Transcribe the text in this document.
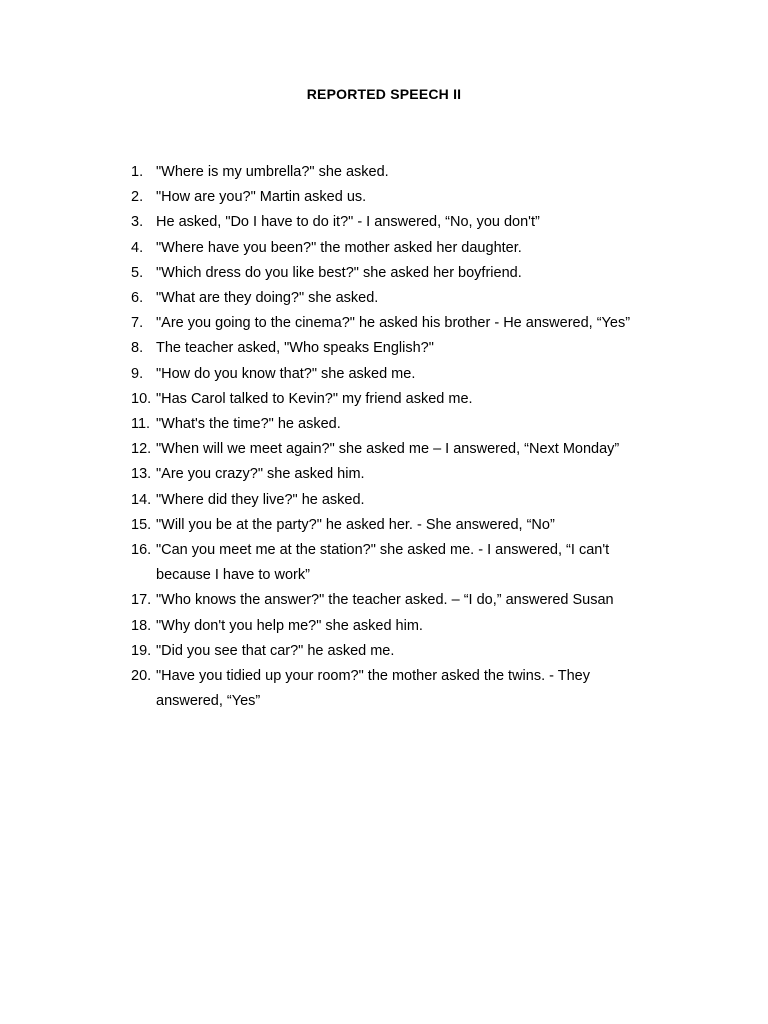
REPORTED SPEECH II
1. "Where is my umbrella?" she asked.
2. "How are you?" Martin asked us.
3. He asked, "Do I have to do it?" - I answered, “No, you don't”
4. "Where have you been?" the mother asked her daughter.
5. "Which dress do you like best?" she asked her boyfriend.
6. "What are they doing?" she asked.
7. "Are you going to the cinema?" he asked his brother - He answered, “Yes”
8. The teacher asked, "Who speaks English?"
9. "How do you know that?" she asked me.
10. "Has Carol talked to Kevin?" my friend asked me.
11. "What's the time?" he asked.
12. "When will we meet again?" she asked me – I answered, “Next Monday”
13. "Are you crazy?" she asked him.
14. "Where did they live?" he asked.
15. "Will you be at the party?" he asked her. - She answered, “No”
16. "Can you meet me at the station?" she asked me. - I answered, “I can't because I have to work”
17. "Who knows the answer?" the teacher asked. – “I do,” answered Susan
18. "Why don't you help me?" she asked him.
19. "Did you see that car?" he asked me.
20. "Have you tidied up your room?" the mother asked the twins. - They answered, “Yes”
